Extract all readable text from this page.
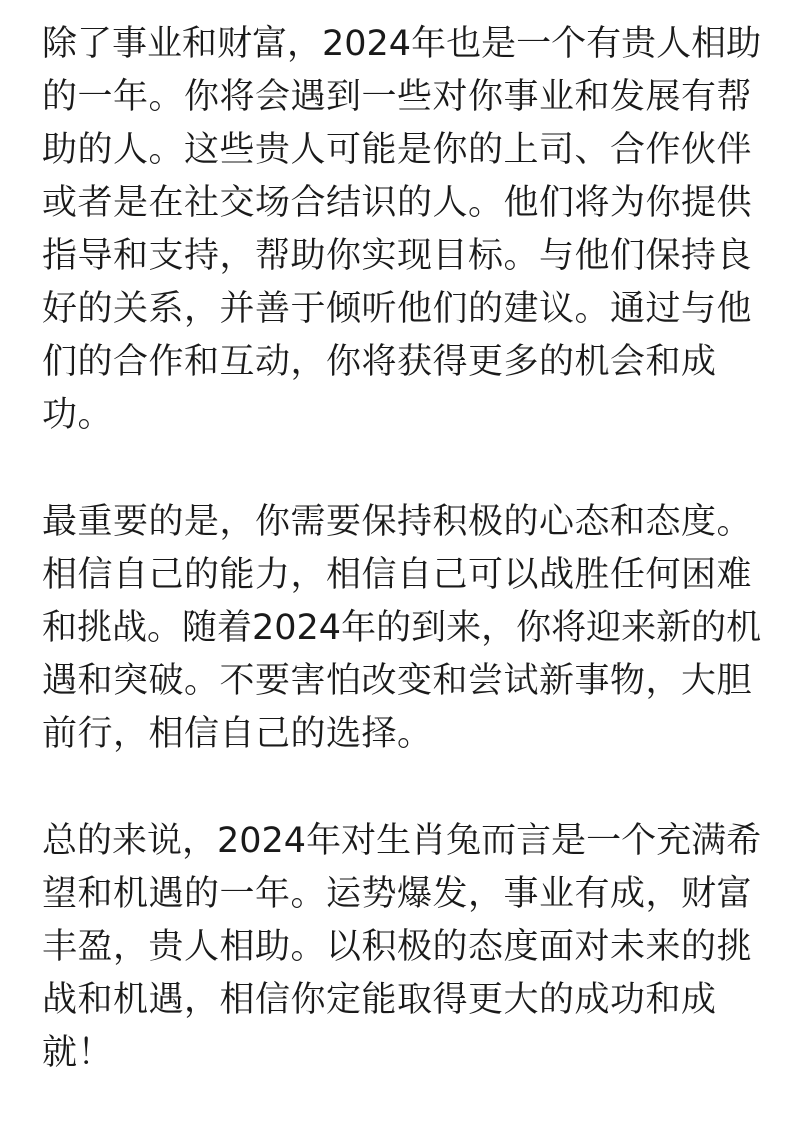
除了事业和财富，2024年也是一个有贵人相助
的一年。你将会遇到一些对你事业和发展有帮
助的人。这些贵人可能是你的上司、合作伙伴
或者是在社交场合结识的人。他们将为你提供
指导和支持，帮助你实现目标。与他们保持良
好的关系，并善于倾听他们的建议。通过与他
们的合作和互动，你将获得更多的机会和成
功。
最重要的是，你需要保持积极的心态和态度。
相信自己的能力，相信自己可以战胜任何困难
和挑战。随着2024年的到来，你将迎来新的机
遇和突破。不要害怕改变和尝试新事物，大胆
前行，相信自己的选择。
总的来说，2024年对生肖兔而言是一个充满希
望和机遇的一年。运势爆发，事业有成，财富
丰盈，贵人相助。以积极的态度面对未来的挑
战和机遇，相信你定能取得更大的成功和成
就！
